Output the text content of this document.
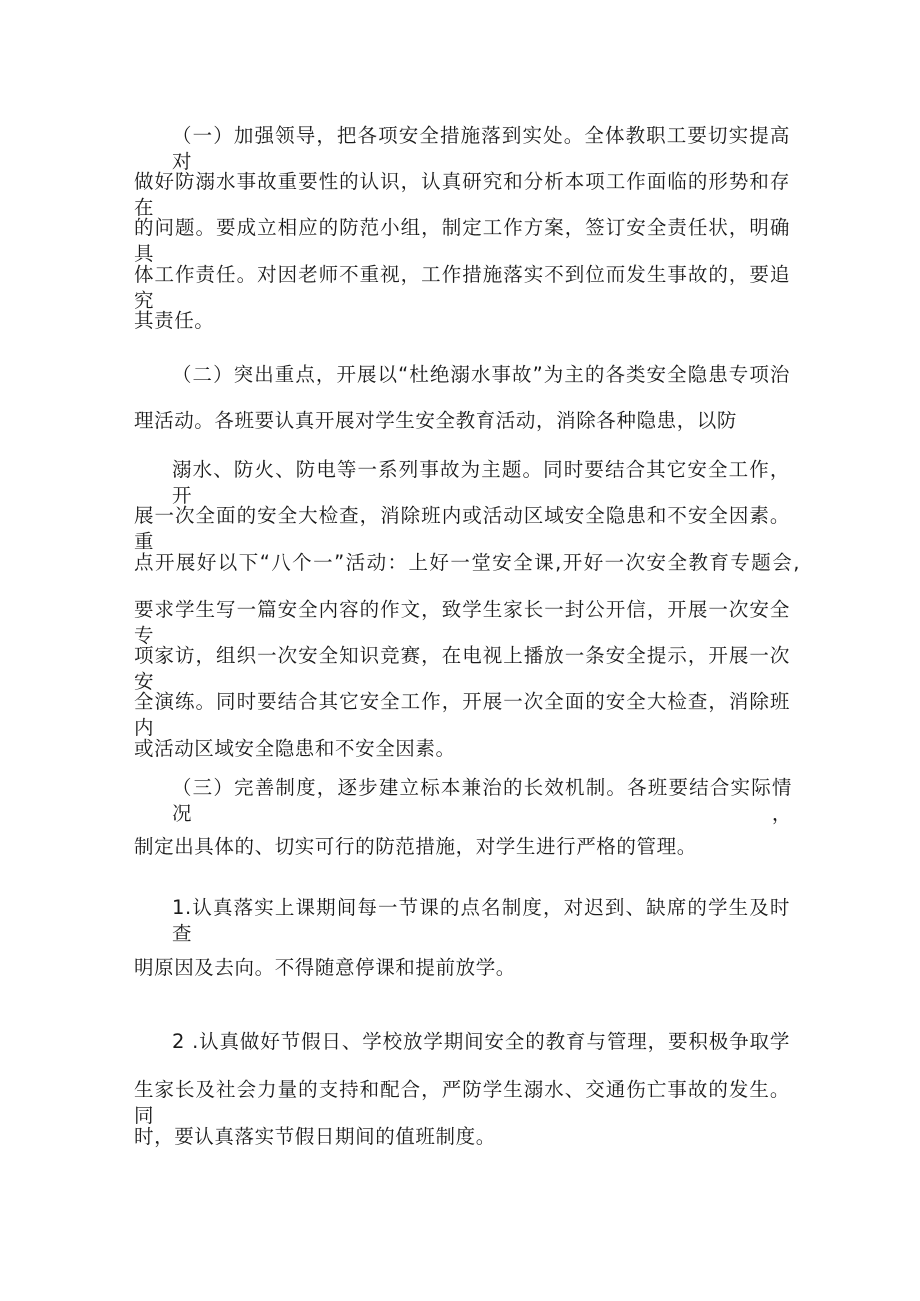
（一）加强领导，把各项安全措施落到实处。全体教职工要切实提高对
做好防溺水事故重要性的认识，认真研究和分析本项工作面临的形势和存在
的问题。要成立相应的防范小组，制定工作方案，签订安全责任状，明确具
体工作责任。对因老师不重视，工作措施落实不到位而发生事故的，要追究
其责任。
（二）突出重点，开展以“杜绝溺水事故”为主的各类安全隐患专项治
理活动。各班要认真开展对学生安全教育活动，消除各种隐患，以防
溺水、防火、防电等一系列事故为主题。同时要结合其它安全工作，开
展一次全面的安全大检查，消除班内或活动区域安全隐患和不安全因素。重
点开展好以下“八个一”活动：上好一堂安全课,开好一次安全教育专题会,
要求学生写一篇安全内容的作文，致学生家长一封公开信，开展一次安全专
项家访，组织一次安全知识竞赛，在电视上播放一条安全提示，开展一次安
全演练。同时要结合其它安全工作，开展一次全面的安全大检查，消除班内
或活动区域安全隐患和不安全因素。
（三）完善制度，逐步建立标本兼治的长效机制。各班要结合实际情况，
制定出具体的、切实可行的防范措施，对学生进行严格的管理。
1.认真落实上课期间每一节课的点名制度，对迟到、缺席的学生及时查
明原因及去向。不得随意停课和提前放学。
2 .认真做好节假日、学校放学期间安全的教育与管理，要积极争取学
生家长及社会力量的支持和配合，严防学生溺水、交通伤亡事故的发生。同
时，要认真落实节假日期间的值班制度。
